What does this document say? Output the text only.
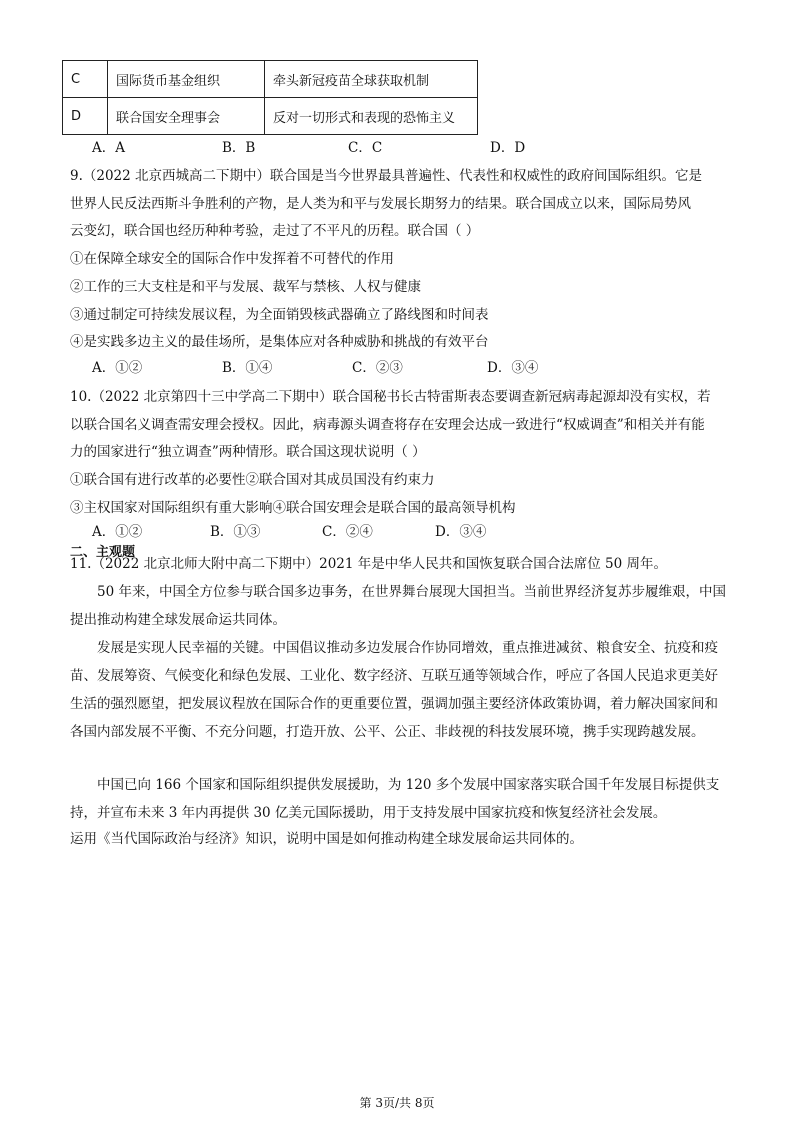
C	国际货币基金组织	牵头新冠疫苗全球获取机制
D	联合国安全理事会	反对一切形式和表现的恐怖主义
A．A	B．B	C．C	D．D
9.（2022 北京西城高二下期中）联合国是当今世界最具普遍性、代表性和权威性的政府间国际组织。它是
世界人民反法西斯斗争胜利的产物，是人类为和平与发展长期努力的结果。联合国成立以来，国际局势风
云变幻，联合国也经历种种考验，走过了不平凡的历程。联合国（ ）
①在保障全球安全的国际合作中发挥着不可替代的作用
②工作的三大支柱是和平与发展、裁军与禁核、人权与健康
③通过制定可持续发展议程，为全面销毁核武器确立了路线图和时间表
④是实践多边主义的最佳场所，是集体应对各种威胁和挑战的有效平台
A．①②	B．①④	C．②③	D．③④
10.（2022 北京第四十三中学高二下期中）联合国秘书长古特雷斯表态要调查新冠病毒起源却没有实权，若
以联合国名义调查需安理会授权。因此，病毒源头调查将存在安理会达成一致进行“权威调查”和相关并有能
力的国家进行“独立调查”两种情形。联合国这现状说明（ ）
①联合国有进行改革的必要性②联合国对其成员国没有约束力
③主权国家对国际组织有重大影响④联合国安理会是联合国的最高领导机构
A．①②	B．①③	C．②④	D．③④
二、主观题
11.（2022 北京北师大附中高二下期中）2021 年是中华人民共和国恢复联合国合法席位 50 周年。
50 年来，中国全方位参与联合国多边事务，在世界舞台展现大国担当。当前世界经济复苏步履维艰，中国提出推动构建全球发展命运共同体。
发展是实现人民幸福的关键。中国倡议推动多边发展合作协同增效，重点推进减贫、粮食安全、抗疫和疫苗、发展筹资、气候变化和绿色发展、工业化、数字经济、互联互通等领域合作，呼应了各国人民追求更美好生活的强烈愿望，把发展议程放在国际合作的更重要位置，强调加强主要经济体政策协调，着力解决国家间和各国内部发展不平衡、不充分问题，打造开放、公平、公正、非歧视的科技发展环境，携手实现跨越发展。
中国已向 166 个国家和国际组织提供发展援助，为 120 多个发展中国家落实联合国千年发展目标提供支持，并宣布未来 3 年内再提供 30 亿美元国际援助，用于支持发展中国家抗疫和恢复经济社会发展。
运用《当代国际政治与经济》知识，说明中国是如何推动构建全球发展命运共同体的。
第 3页/共 8页
